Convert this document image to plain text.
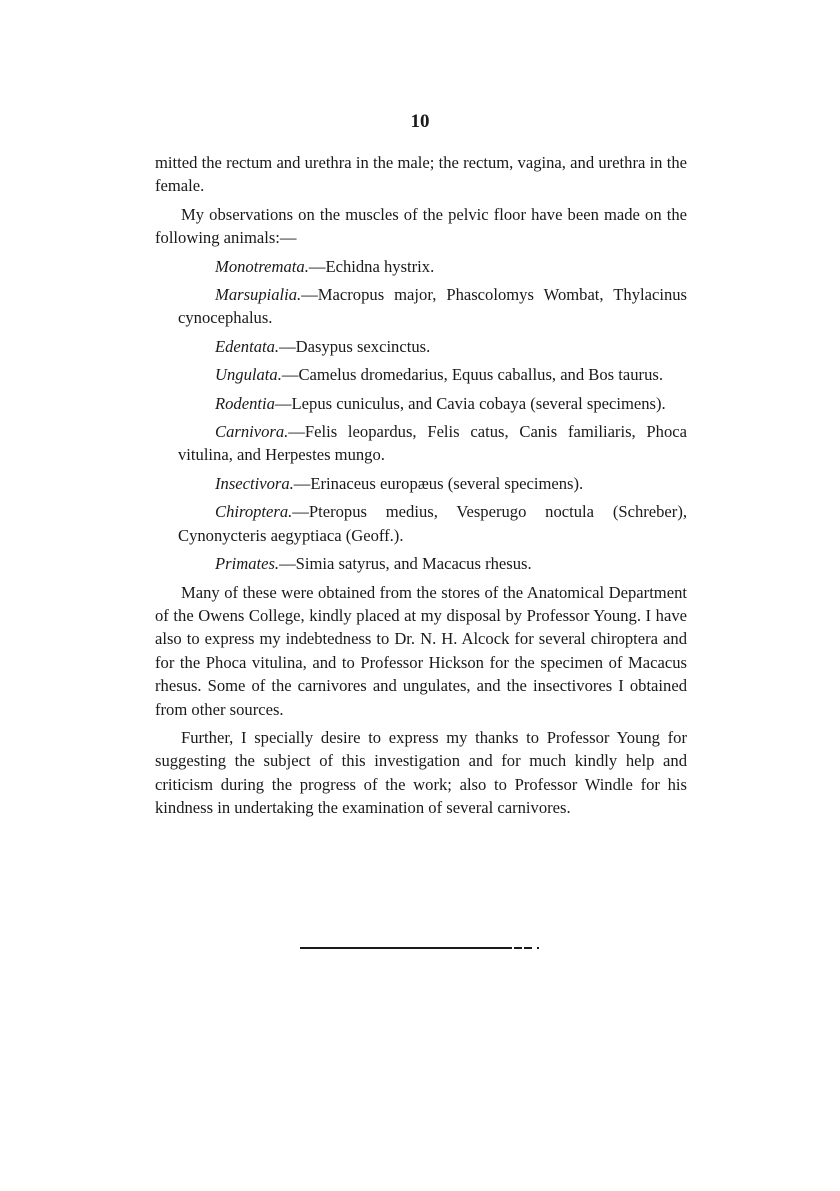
10

mitted the rectum and urethra in the male; the rectum, vagina, and urethra in the female.

My observations on the muscles of the pelvic floor have been made on the following animals:—

Monotremata.—Echidna hystrix.

Marsupialia.—Macropus major, Phascolomys Wombat, Thylacinus cynocephalus.

Edentata.—Dasypus sexcinctus.

Ungulata.—Camelus dromedarius, Equus caballus, and Bos taurus.

Rodentia—Lepus cuniculus, and Cavia cobaya (several specimens).

Carnivora.—Felis leopardus, Felis catus, Canis familiaris, Phoca vitulina, and Herpestes mungo.

Insectivora.—Erinaceus europæus (several specimens).

Chiroptera.—Pteropus medius, Vesperugo noctula (Schreber), Cynonycteris aegyptiaca (Geoff.).

Primates.—Simia satyrus, and Macacus rhesus.

Many of these were obtained from the stores of the Anatomical Department of the Owens College, kindly placed at my disposal by Professor Young. I have also to express my indebtedness to Dr. N. H. Alcock for several chiroptera and for the Phoca vitulina, and to Professor Hickson for the specimen of Macacus rhesus. Some of the carnivores and ungulates, and the insectivores I obtained from other sources.

Further, I specially desire to express my thanks to Professor Young for suggesting the subject of this investigation and for much kindly help and criticism during the progress of the work; also to Professor Windle for his kindness in undertaking the examination of several carnivores.
